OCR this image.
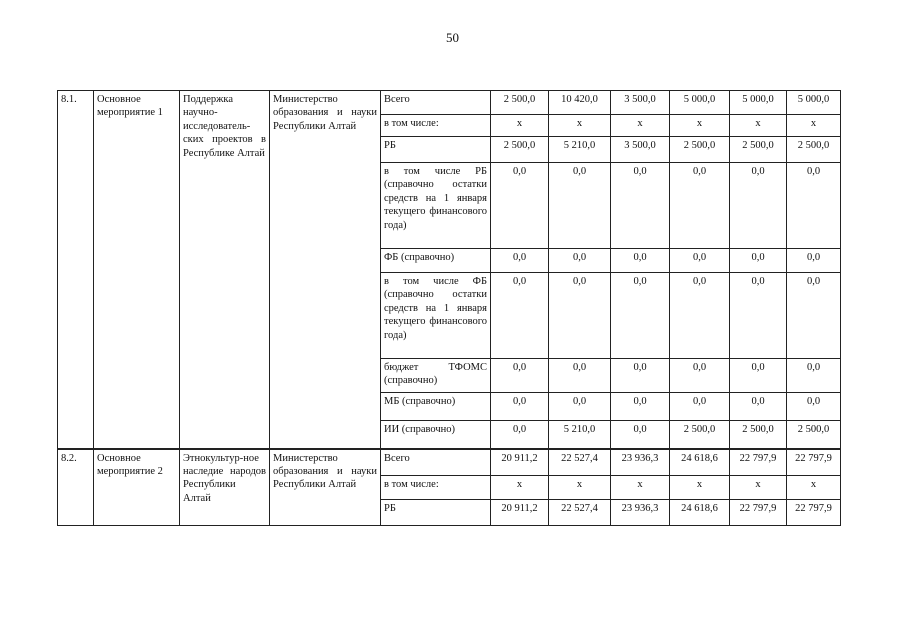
50
8.1.	Основное мероприятие 1	Поддержка научно-исследователь-ских проектов в Республике Алтай	Министерство образования и науки Республики Алтай	Всего	2 500,0	10 420,0	3 500,0	5 000,0	5 000,0	5 000,0
				в том числе:	х	х	х	х	х	х
				РБ	2 500,0	5 210,0	3 500,0	2 500,0	2 500,0	2 500,0
				в том числе РБ (справочно остатки средств на 1 января текущего финансового года)	0,0	0,0	0,0	0,0	0,0	0,0
				ФБ (справочно)	0,0	0,0	0,0	0,0	0,0	0,0
				в том числе ФБ (справочно остатки средств на 1 января текущего финансового года)	0,0	0,0	0,0	0,0	0,0	0,0
				бюджет ТФОМС (справочно)	0,0	0,0	0,0	0,0	0,0	0,0
				МБ (справочно)	0,0	0,0	0,0	0,0	0,0	0,0
				ИИ (справочно)	0,0	5 210,0	0,0	2 500,0	2 500,0	2 500,0
8.2.	Основное мероприятие 2	Этнокультур-ное наследие народов Республики Алтай	Министерство образования и науки Республики Алтай	Всего	20 911,2	22 527,4	23 936,3	24 618,6	22 797,9	22 797,9
				в том числе:	х	х	х	х	х	х
				РБ	20 911,2	22 527,4	23 936,3	24 618,6	22 797,9	22 797,9
